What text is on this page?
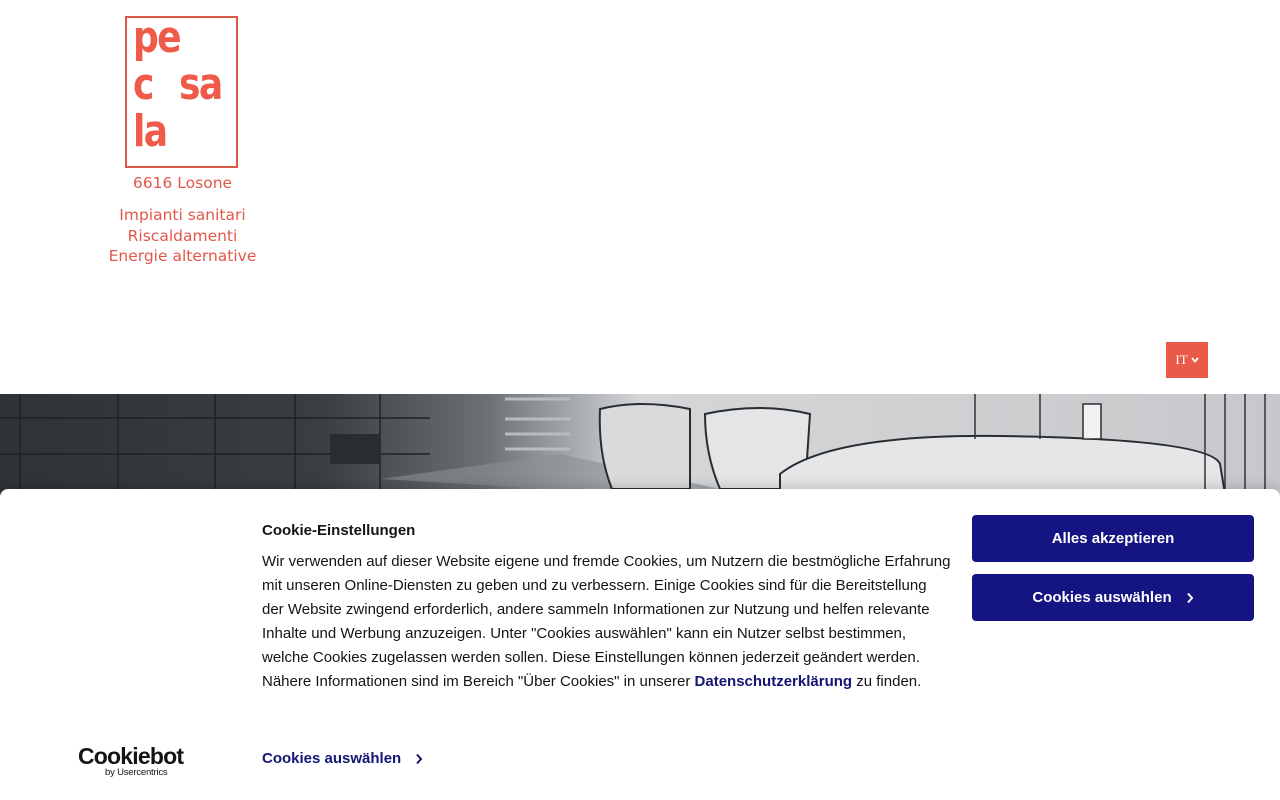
pe
c sa
la
6616 Losone
Impianti sanitari
Riscaldamenti
Energie alternative
IT
Cookiebot
by Usercentrics
Cookie-Einstellungen
Wir verwenden auf dieser Website eigene und fremde Cookies, um Nutzern die bestmögliche Erfahrung mit unseren Online-Diensten zu geben und zu verbessern. Einige Cookies sind für die Bereitstellung der Website zwingend erforderlich, andere sammeln Informationen zur Nutzung und helfen relevante Inhalte und Werbung anzuzeigen. Unter "Cookies auswählen" kann ein Nutzer selbst bestimmen, welche Cookies zugelassen werden sollen. Diese Einstellungen können jederzeit geändert werden. Nähere Informationen sind im Bereich "Über Cookies" in unserer Datenschutzerklärung zu finden.
Alles akzeptieren
Cookies auswählen
Cookies auswählen
